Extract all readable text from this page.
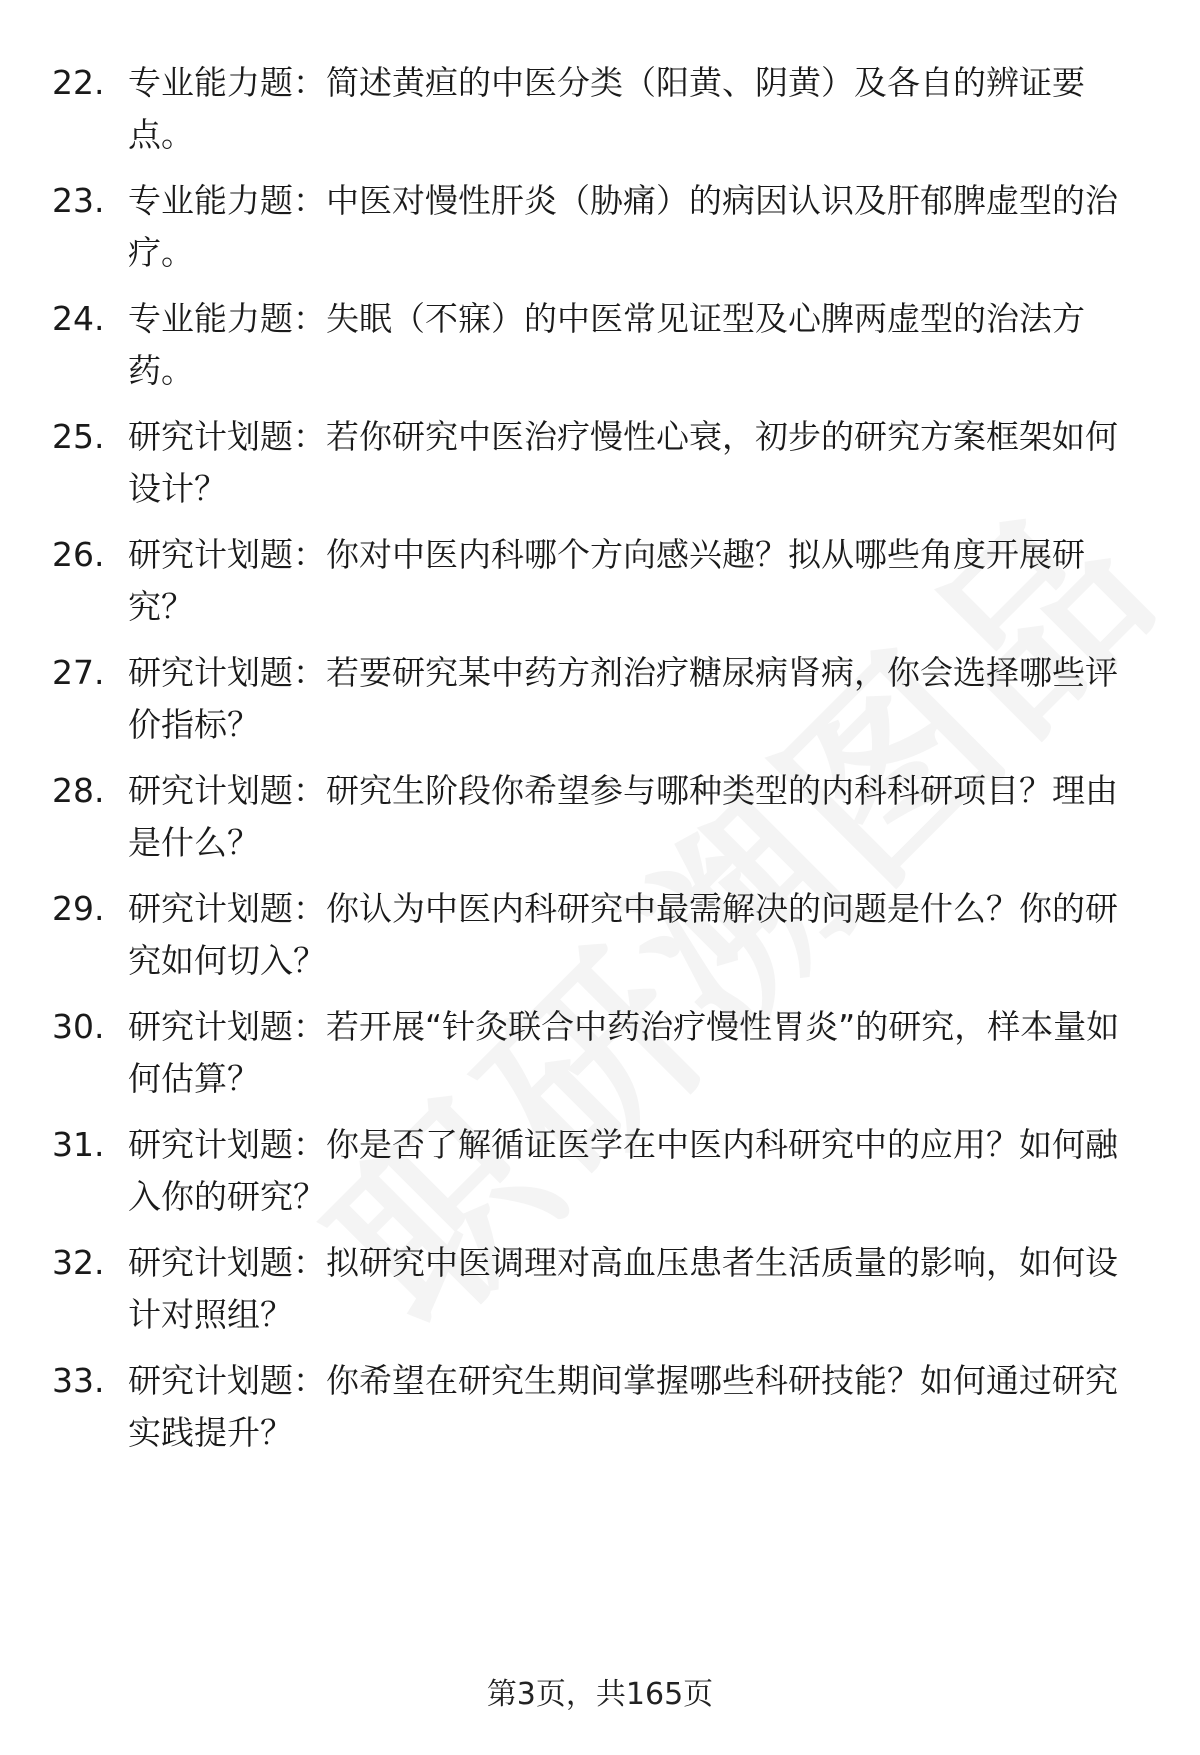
22. 专业能力题：简述黄疸的中医分类（阳黄、阴黄）及各自的辨证要点。
23. 专业能力题：中医对慢性肝炎（胁痛）的病因认识及肝郁脾虚型的治疗。
24. 专业能力题：失眠（不寐）的中医常见证型及心脾两虚型的治法方药。
25. 研究计划题：若你研究中医治疗慢性心衰，初步的研究方案框架如何设计？
26. 研究计划题：你对中医内科哪个方向感兴趣？拟从哪些角度开展研究？
27. 研究计划题：若要研究某中药方剂治疗糖尿病肾病，你会选择哪些评价指标？
28. 研究计划题：研究生阶段你希望参与哪种类型的内科科研项目？理由是什么？
29. 研究计划题：你认为中医内科研究中最需解决的问题是什么？你的研究如何切入？
30. 研究计划题：若开展“针灸联合中药治疗慢性胃炎”的研究，样本量如何估算？
31. 研究计划题：你是否了解循证医学在中医内科研究中的应用？如何融入你的研究？
32. 研究计划题：拟研究中医调理对高血压患者生活质量的影响，如何设计对照组？
33. 研究计划题：你希望在研究生期间掌握哪些科研技能？如何通过研究实践提升？
第3页，共165页
